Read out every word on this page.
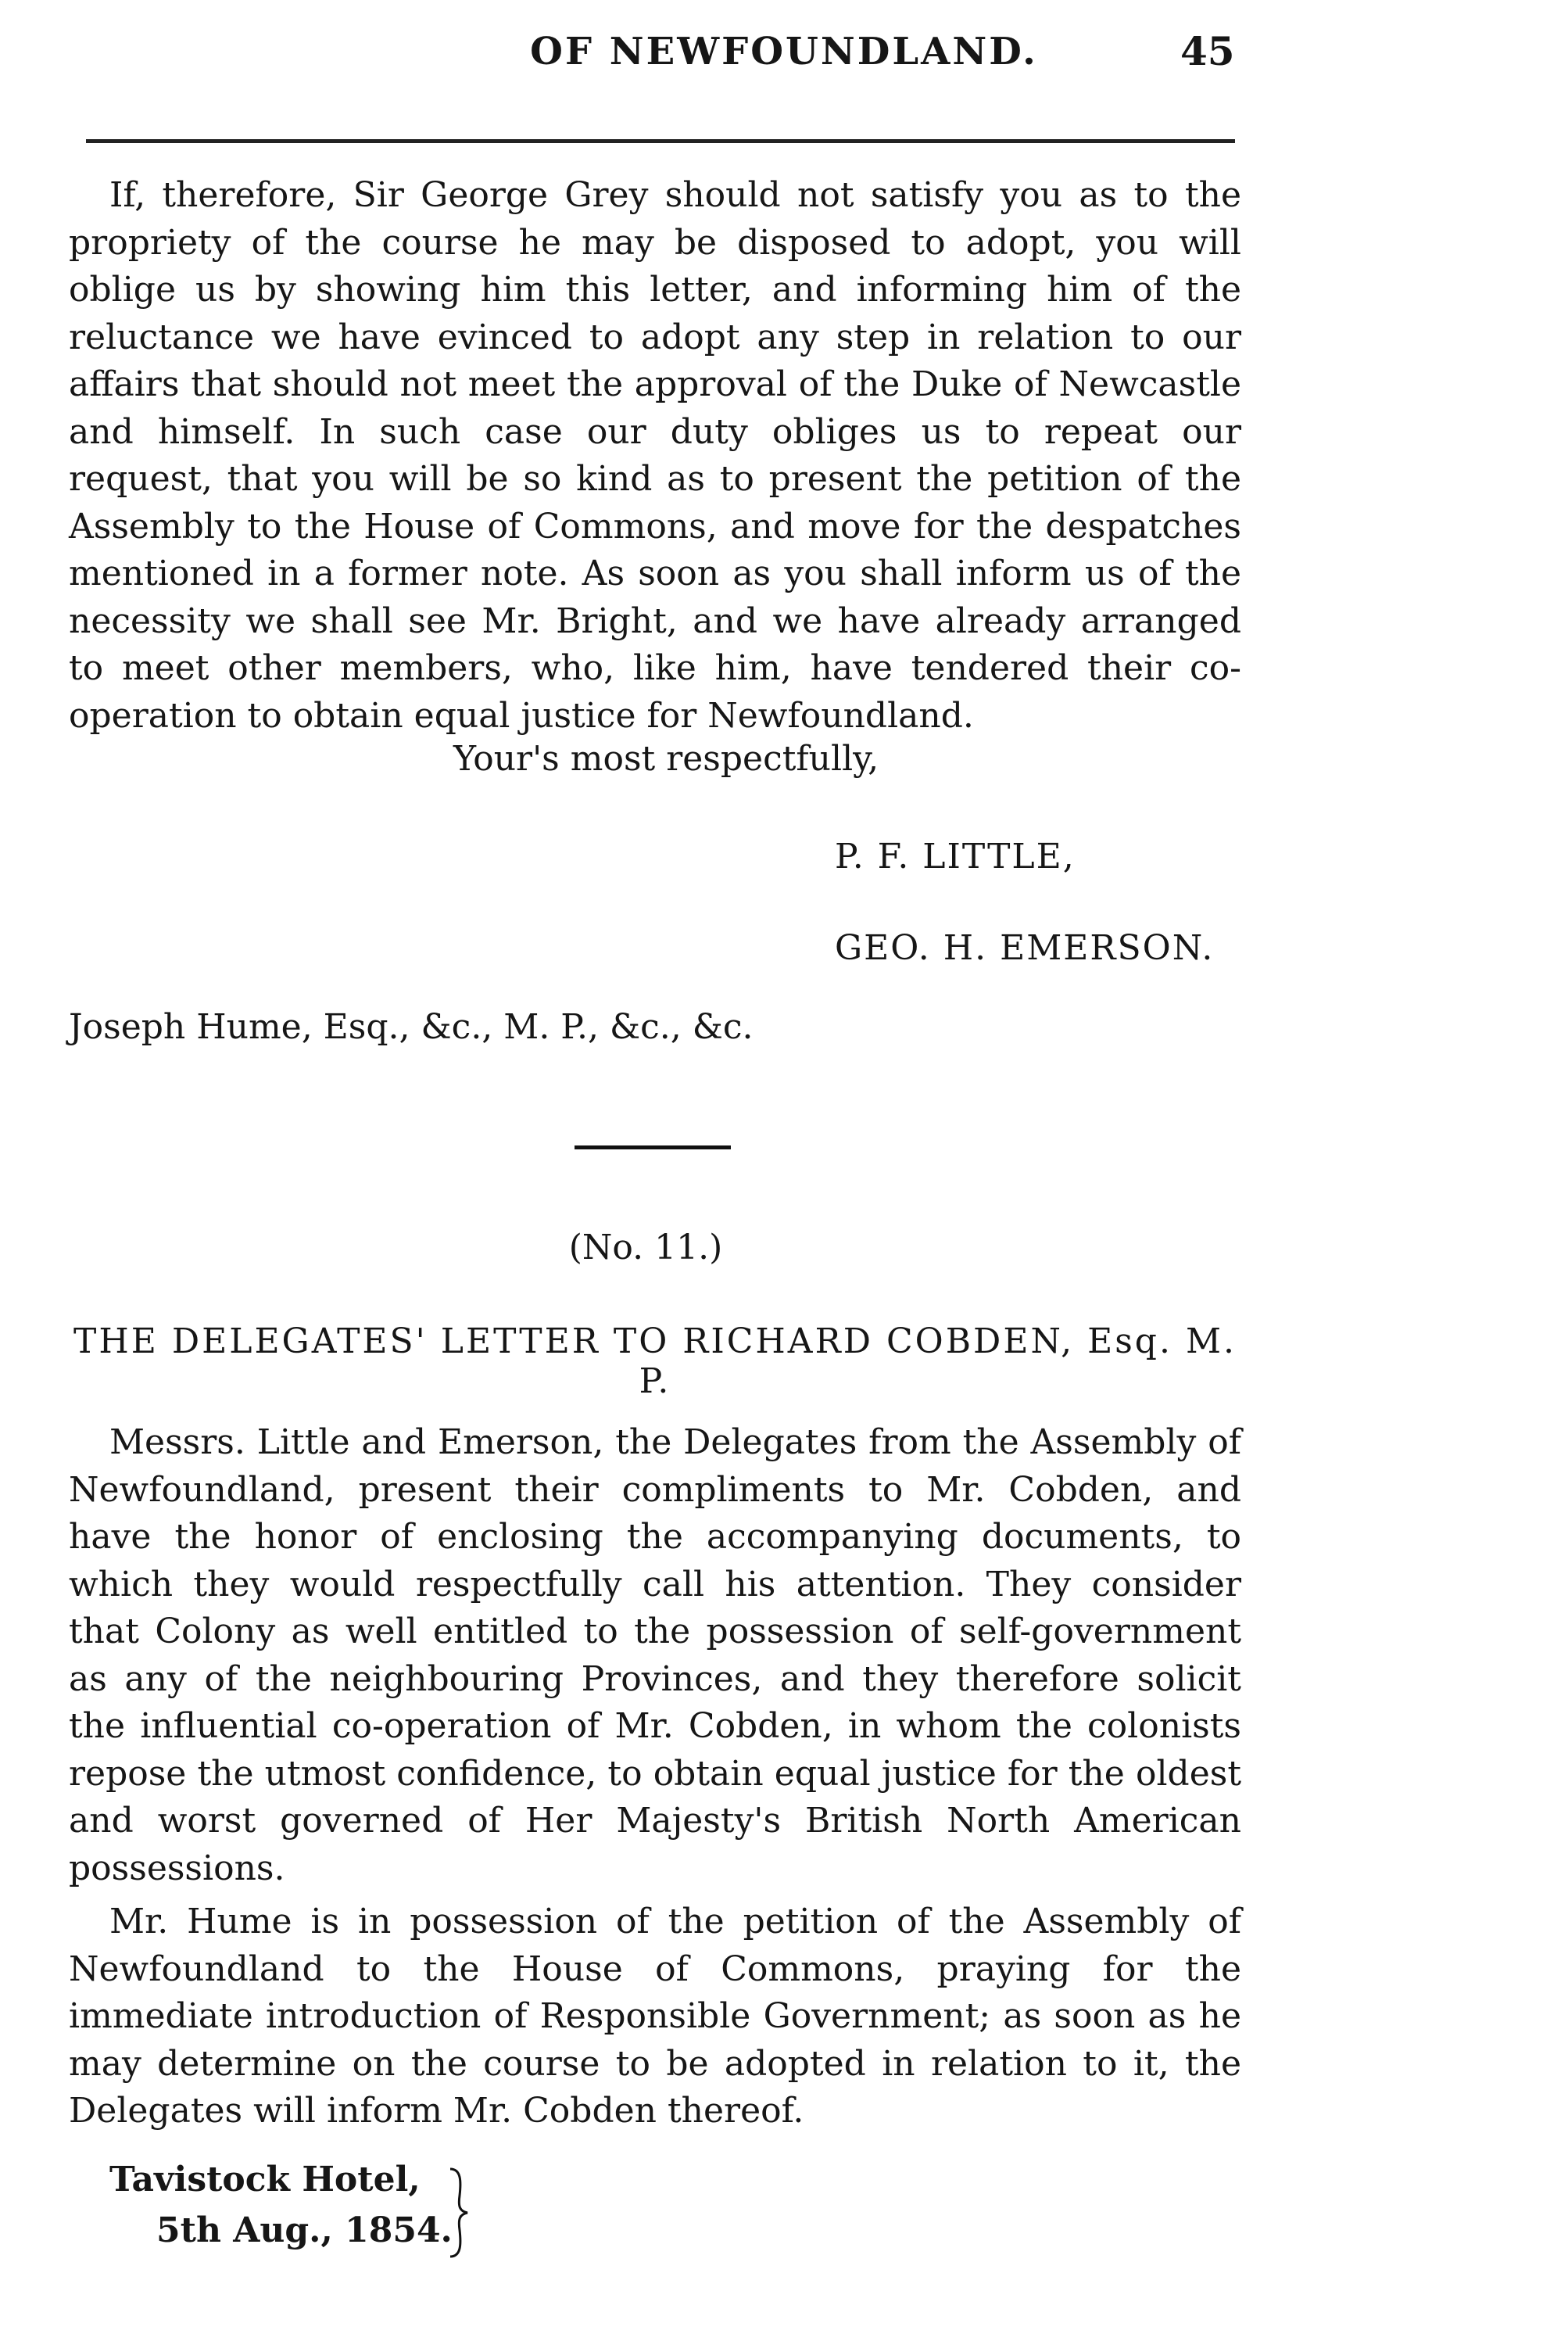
OF NEWFOUNDLAND.	45

If, therefore, Sir George Grey should not satisfy you as to the propriety of the course he may be disposed to adopt, you will oblige us by showing him this letter, and informing him of the reluctance we have evinced to adopt any step in relation to our affairs that should not meet the approval of the Duke of Newcastle and himself. In such case our duty obliges us to repeat our request, that you will be so kind as to present the petition of the Assembly to the House of Commons, and move for the despatches mentioned in a former note. As soon as you shall inform us of the necessity we shall see Mr. Bright, and we have already arranged to meet other members, who, like him, have tendered their co-operation to obtain equal justice for Newfoundland.

Your's most respectfully,
P. F. LITTLE,
GEO. H. EMERSON.
Joseph Hume, Esq., &c., M. P., &c., &c.
(No. 11.)
THE DELEGATES' LETTER TO RICHARD COBDEN, Esq. M. P.

Messrs. Little and Emerson, the Delegates from the Assembly of Newfoundland, present their compliments to Mr. Cobden, and have the honor of enclosing the accompanying documents, to which they would respectfully call his attention. They consider that Colony as well entitled to the possession of self-government as any of the neighbouring Provinces, and they therefore solicit the influential co-operation of Mr. Cobden, in whom the colonists repose the utmost confidence, to obtain equal justice for the oldest and worst governed of Her Majesty's British North American possessions.

Mr. Hume is in possession of the petition of the Assembly of Newfoundland to the House of Commons, praying for the immediate introduction of Responsible Government; as soon as he may determine on the course to be adopted in relation to it, the Delegates will inform Mr. Cobden thereof.

Tavistock Hotel,
5th Aug., 1854.
